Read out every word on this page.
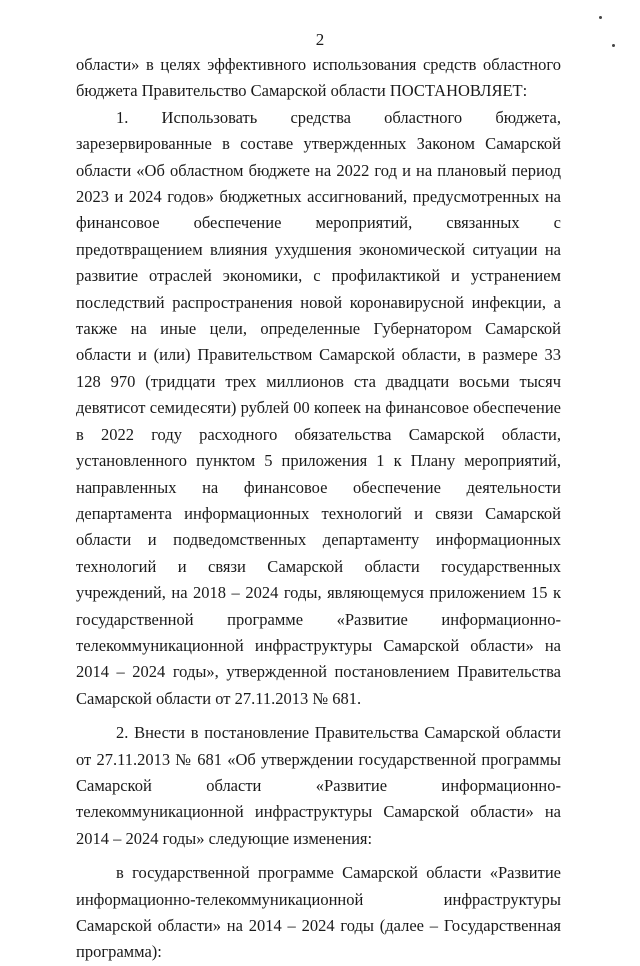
2

области» в целях эффективного использования средств областного бюджета Правительство Самарской области ПОСТАНОВЛЯЕТ:

1. Использовать средства областного бюджета, зарезервированные в составе утвержденных Законом Самарской области «Об областном бюджете на 2022 год и на плановый период 2023 и 2024 годов» бюджетных ассигнований, предусмотренных на финансовое обеспечение мероприятий, связанных с предотвращением влияния ухудшения экономической ситуации на развитие отраслей экономики, с профилактикой и устранением последствий распространения новой коронавирусной инфекции, а также на иные цели, определенные Губернатором Самарской области и (или) Правительством Самарской области, в размере 33 128 970 (тридцати трех миллионов ста двадцати восьми тысяч девятисот семидесяти) рублей 00 копеек на финансовое обеспечение в 2022 году расходного обязательства Самарской области, установленного пунктом 5 приложения 1 к Плану мероприятий, направленных на финансовое обеспечение деятельности департамента информационных технологий и связи Самарской области и подведомственных департаменту информационных технологий и связи Самарской области государственных учреждений, на 2018 – 2024 годы, являющемуся приложением 15 к государственной программе «Развитие информационно-телекоммуникационной инфраструктуры Самарской области» на 2014 – 2024 годы», утвержденной постановлением Правительства Самарской области от 27.11.2013 № 681.

2. Внести в постановление Правительства Самарской области от 27.11.2013 № 681 «Об утверждении государственной программы Самарской области «Развитие информационно-телекоммуникационной инфраструктуры Самарской области» на 2014 – 2024 годы» следующие изменения:

в государственной программе Самарской области «Развитие информационно-телекоммуникационной инфраструктуры Самарской области» на 2014 – 2024 годы (далее – Государственная программа):
